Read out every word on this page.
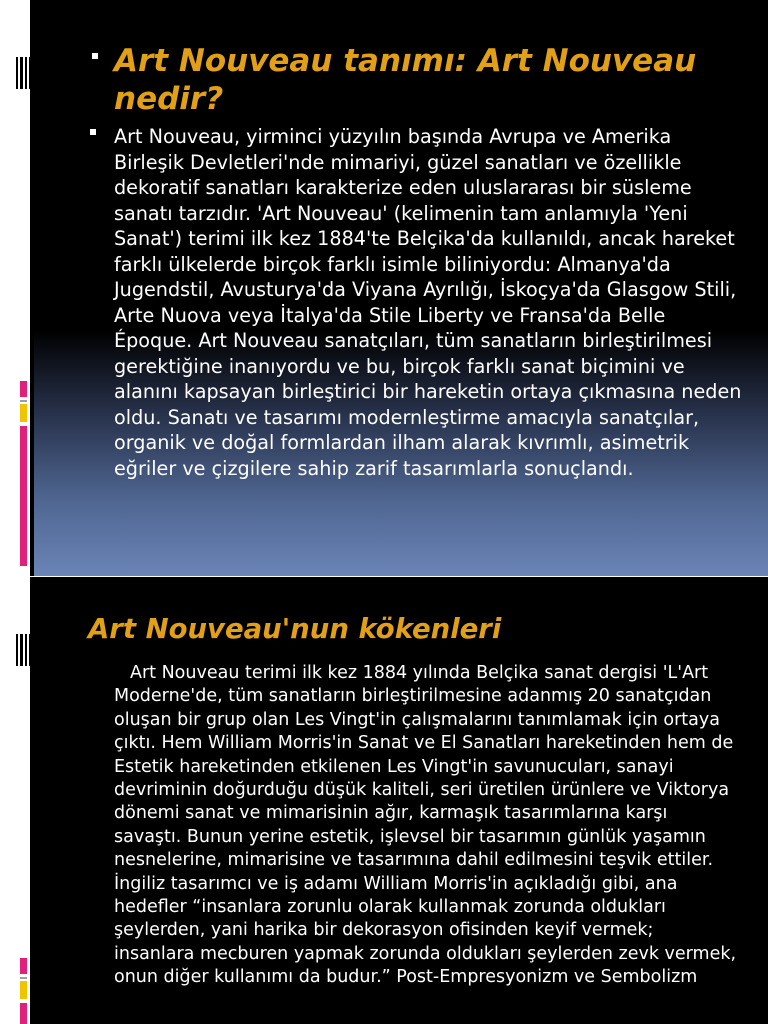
Art Nouveau tanımı: Art Nouveau nedir?

Art Nouveau, yirminci yüzyılın başında Avrupa ve Amerika Birleşik Devletleri'nde mimariyi, güzel sanatları ve özellikle dekoratif sanatları karakterize eden uluslararası bir süsleme sanatı tarzıdır. 'Art Nouveau' (kelimenin tam anlamıyla 'Yeni Sanat') terimi ilk kez 1884'te Belçika'da kullanıldı, ancak hareket farklı ülkelerde birçok farklı isimle biliniyordu: Almanya'da Jugendstil, Avusturya'da Viyana Ayrılığı, İskoçya'da Glasgow Stili, Arte Nuova veya İtalya'da Stile Liberty ve Fransa'da Belle Époque. Art Nouveau sanatçıları, tüm sanatların birleştirilmesi gerektiğine inanıyordu ve bu, birçok farklı sanat biçimini ve alanını kapsayan birleştirici bir hareketin ortaya çıkmasına neden oldu. Sanatı ve tasarımı modernleştirme amacıyla sanatçılar, organik ve doğal formlardan ilham alarak kıvrımlı, asimetrik eğriler ve çizgilere sahip zarif tasarımlarla sonuçlandı.

Art Nouveau'nun kökenleri

Art Nouveau terimi ilk kez 1884 yılında Belçika sanat dergisi 'L'Art Moderne'de, tüm sanatların birleştirilmesine adanmış 20 sanatçıdan oluşan bir grup olan Les Vingt'in çalışmalarını tanımlamak için ortaya çıktı. Hem William Morris'in Sanat ve El Sanatları hareketinden hem de Estetik hareketinden etkilenen Les Vingt'in savunucuları, sanayi devriminin doğurduğu düşük kaliteli, seri üretilen ürünlere ve Viktorya dönemi sanat ve mimarisinin ağır, karmaşık tasarımlarına karşı savaştı. Bunun yerine estetik, işlevsel bir tasarımın günlük yaşamın nesnelerine, mimarisine ve tasarımına dahil edilmesini teşvik ettiler. İngiliz tasarımcı ve iş adamı William Morris'in açıkladığı gibi, ana hedefler “insanlara zorunlu olarak kullanmak zorunda oldukları şeylerden, yani harika bir dekorasyon ofisinden keyif vermek; insanlara mecburen yapmak zorunda oldukları şeylerden zevk vermek, onun diğer kullanımı da budur.” Post-Empresyonizm ve Sembolizm
